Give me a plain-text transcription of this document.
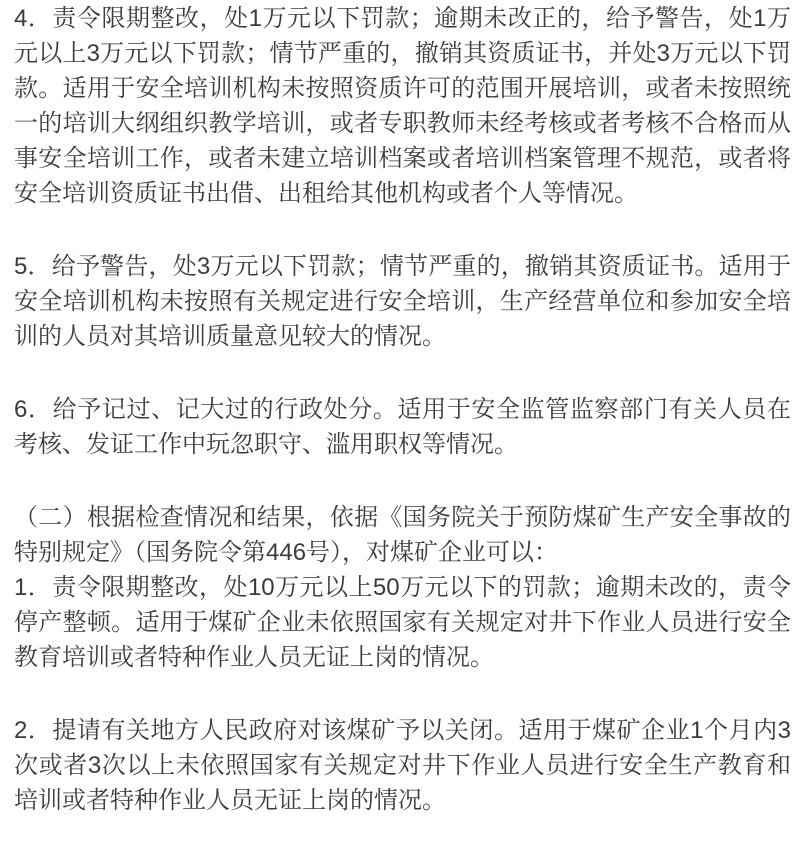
4．责令限期整改，处1万元以下罚款；逾期未改正的，给予警告，处1万元以上3万元以下罚款；情节严重的，撤销其资质证书，并处3万元以下罚款。适用于安全培训机构未按照资质许可的范围开展培训，或者未按照统一的培训大纲组织教学培训，或者专职教师未经考核或者考核不合格而从事安全培训工作，或者未建立培训档案或者培训档案管理不规范，或者将安全培训资质证书出借、出租给其他机构或者个人等情况。

5．给予警告，处3万元以下罚款；情节严重的，撤销其资质证书。适用于安全培训机构未按照有关规定进行安全培训，生产经营单位和参加安全培训的人员对其培训质量意见较大的情况。

6．给予记过、记大过的行政处分。适用于安全监管监察部门有关人员在考核、发证工作中玩忽职守、滥用职权等情况。

（二）根据检查情况和结果，依据《国务院关于预防煤矿生产安全事故的特别规定》（国务院令第446号），对煤矿企业可以：

1．责令限期整改，处10万元以上50万元以下的罚款；逾期未改的，责令停产整顿。适用于煤矿企业未依照国家有关规定对井下作业人员进行安全教育培训或者特种作业人员无证上岗的情况。

2．提请有关地方人民政府对该煤矿予以关闭。适用于煤矿企业1个月内3次或者3次以上未依照国家有关规定对井下作业人员进行安全生产教育和培训或者特种作业人员无证上岗的情况。
